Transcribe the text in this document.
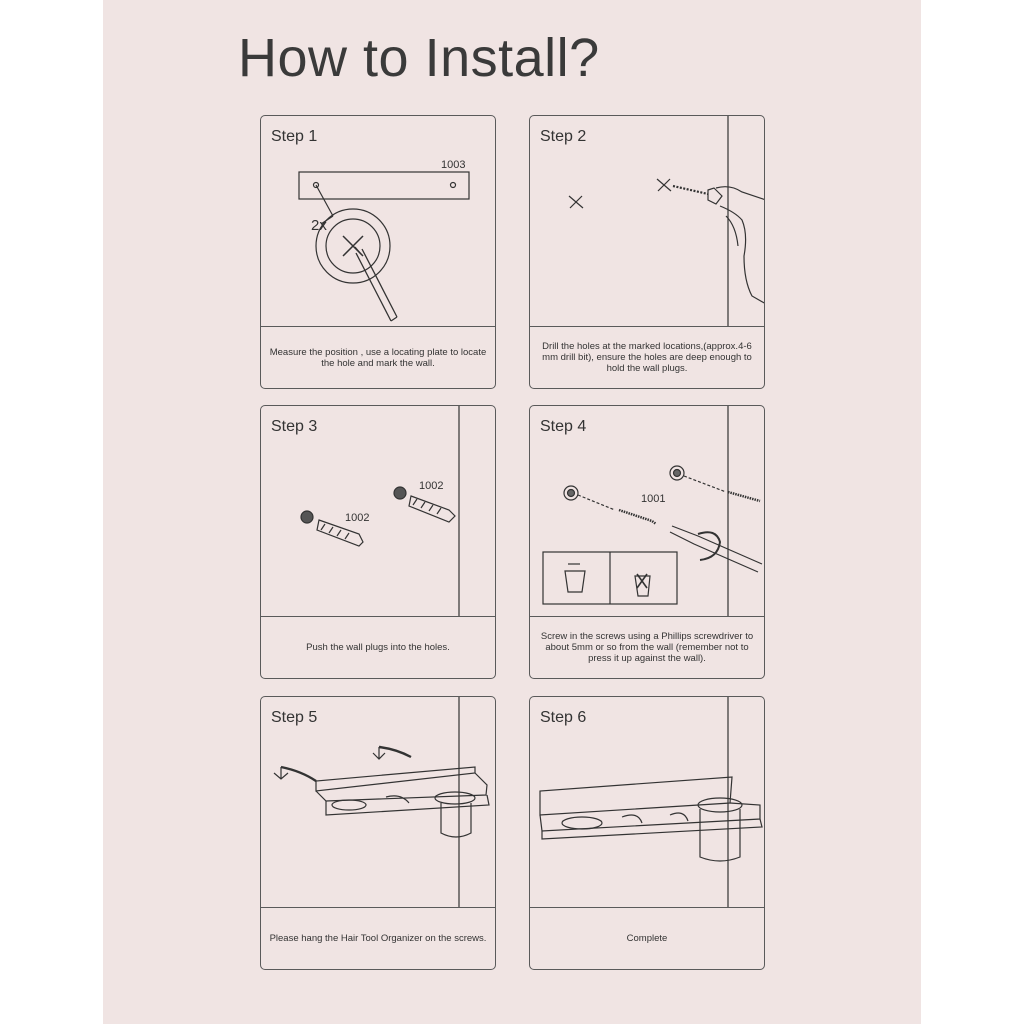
How to Install?
1003
2x
Step 1
Measure the position , use a locating plate to locate the hole and mark the wall.
Step 2
Drill the holes at the marked locations,(approx.4-6 mm drill bit), ensure the holes are deep enough to hold the wall plugs.
1002
1002
Step 3
Push the wall plugs into the holes.
1001
Step 4
Screw in the screws using a Phillips screwdriver to about 5mm or so from the wall (remember not to press it up against the wall).
Step 5
Please hang the Hair Tool Organizer on the screws.
Step 6
Complete
